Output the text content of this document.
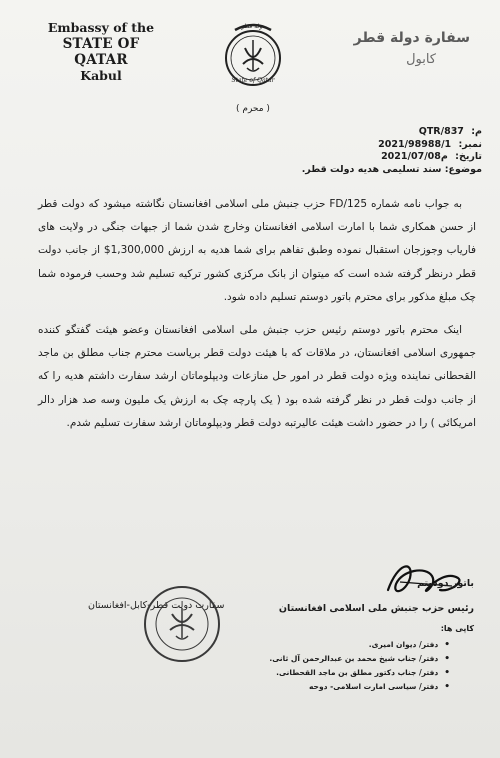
Embassy of the
STATE OF QATAR
Kabul	State of Qatar
دولة قطر
سفارة دولة قطر
کابول
( محرم )
م: QTR/837
نمبر: 2021/98988/1
تاریخ: 2021/07/08م
موضوع: سند تسلیمی هدیه دولت قطر.

به جواب نامه شماره FD/125 حزب جنبش ملی اسلامی افغانستان نگاشته میشود که دولت قطر از حسن همکاری شما با امارت اسلامی افغانستان وخارج شدن شما از جبهات جنگی در ولایت های فاریاب وجوزجان استقبال نموده وطبق تفاهم برای شما هدیه به ارزش 1,300,000$ از جانب دولت قطر درنظر گرفته شده است که میتوان از بانک مرکزی کشور ترکیه تسلیم شد وحسب فرموده شما چک مبلغ مذکور برای محترم باتور دوستم تسلیم داده شود.

اینک محترم باتور دوستم رئیس حزب جنبش ملی اسلامی افغانستان وعضو هیئت گفتگو کننده جمهوری اسلامی افغانستان، در ملاقات که با هیئت دولت قطر بریاست محترم جناب مطلق بن ماجد القحطانی نماینده ویژه دولت قطر در امور حل منازعات ودیپلوماتان ارشد سفارت داشتم هدیه را که از جانب دولت قطر در نظر گرفته شده بود ( یک پارچه چک به ارزش یک ملیون وسه صد هزار دالر امریکائی ) را در حضور داشت هیئت عالیرتبه دولت قطر ودیپلوماتان ارشد سفارت تسلیم شدم.

سفارت دولت قطر-کابل-افغانستان
باتور دوستم
رئیس حزب جنبش ملی اسلامی افغانستان
کاپی ها:
• دفتر/ دیوان امیری.
• دفتر/ جناب شیخ محمد بن عبدالرحمن آل ثانی.
• دفتر/ جناب دکتور مطلق بن ماجد القحطانی.
• دفتر/ سیاسی امارت اسلامی- دوحه
